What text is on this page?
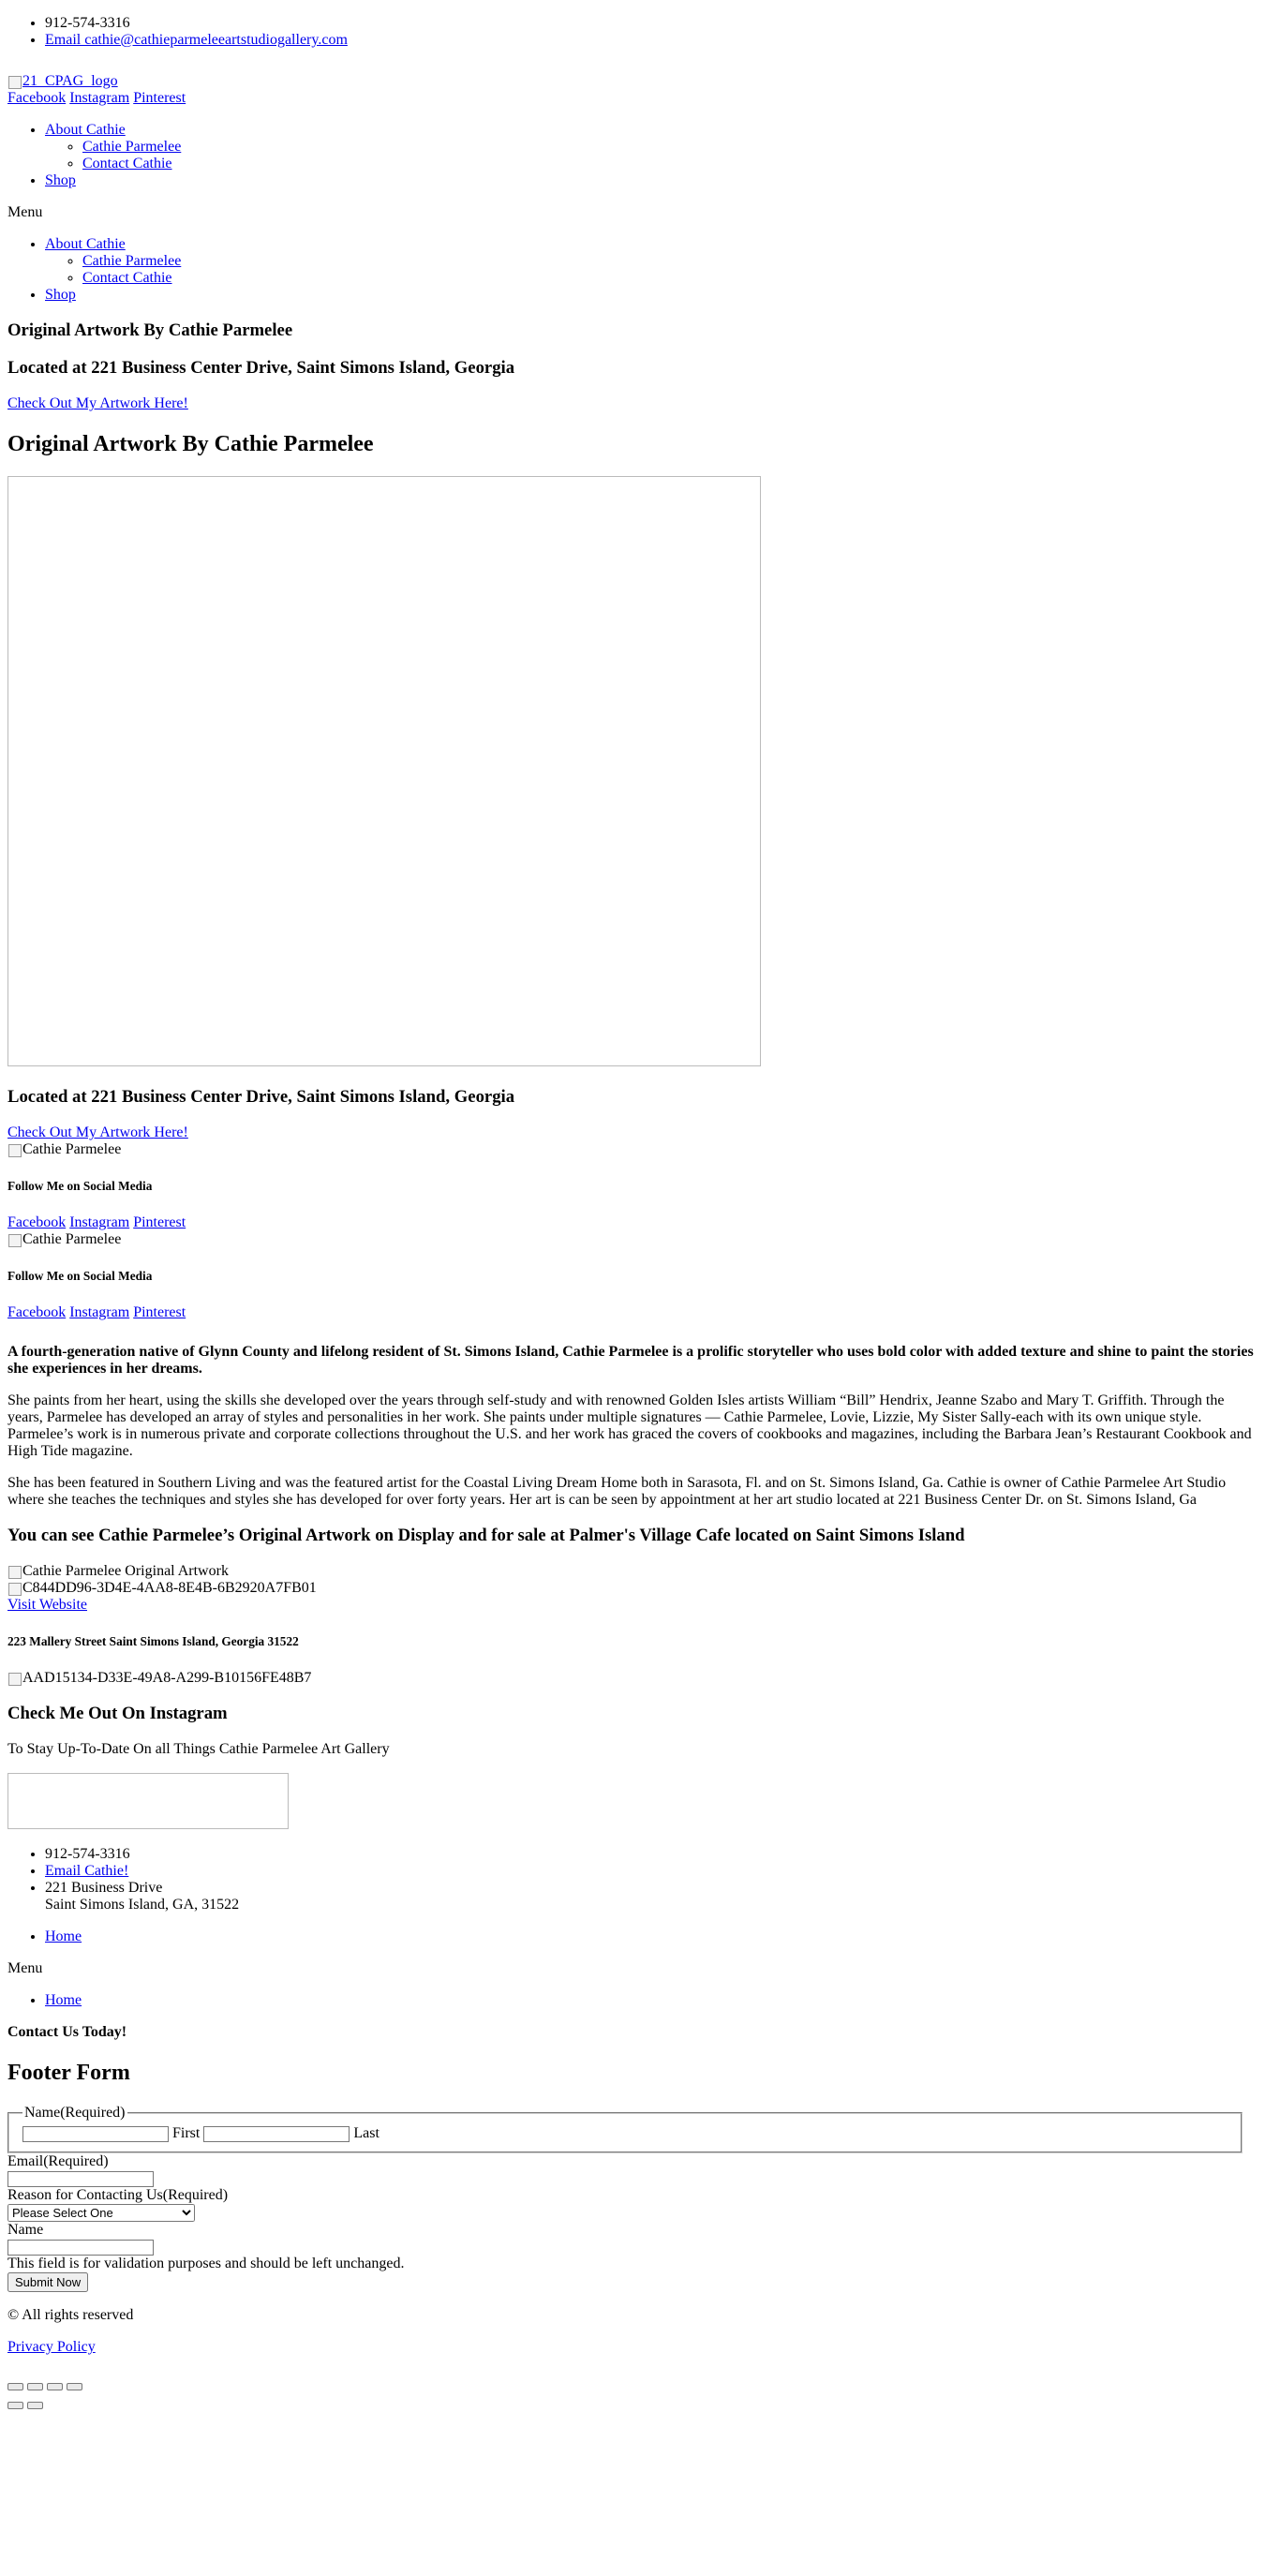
• 912-574-3316
• Email cathie@cathieparmeleeartstudiogallery.com
21_CPAG_logo
Facebook Instagram Pinterest
• About Cathie
◦ Cathie Parmelee
◦ Contact Cathie
• Shop
Menu
• About Cathie
◦ Cathie Parmelee
◦ Contact Cathie
• Shop
Original Artwork By Cathie Parmelee
Located at 221 Business Center Drive, Saint Simons Island, Georgia

Check Out My Artwork Here!

Original Artwork By Cathie Parmelee
Located at 221 Business Center Drive, Saint Simons Island, Georgia
Check Out My Artwork Here!
Cathie Parmelee
Follow Me on Social Media
Facebook Instagram Pinterest
Cathie Parmelee
Follow Me on Social Media
Facebook Instagram Pinterest

A fourth-generation native of Glynn County and lifelong resident of St. Simons Island, Cathie Parmelee is a prolific storyteller who uses bold color with added texture and shine to paint the stories she experiences in her dreams.

She paints from her heart, using the skills she developed over the years through self-study and with renowned Golden Isles artists William “Bill” Hendrix, Jeanne Szabo and Mary T. Griffith. Through the years, Parmelee has developed an array of styles and personalities in her work. She paints under multiple signatures — Cathie Parmelee, Lovie, Lizzie, My Sister Sally-each with its own unique style. Parmelee’s work is in numerous private and corporate collections throughout the U.S. and her work has graced the covers of cookbooks and magazines, including the Barbara Jean’s Restaurant Cookbook and High Tide magazine.

She has been featured in Southern Living and was the featured artist for the Coastal Living Dream Home both in Sarasota, Fl. and on St. Simons Island, Ga. Cathie is owner of Cathie Parmelee Art Studio where she teaches the techniques and styles she has developed for over forty years. Her art is can be seen by appointment at her art studio located at 221 Business Center Dr. on St. Simons Island, Ga

You can see Cathie Parmelee’s Original Artwork on Display and for sale at Palmer's Village Cafe located on Saint Simons Island
Cathie Parmelee Original Artwork
C844DD96-3D4E-4AA8-8E4B-6B2920A7FB01
Visit Website
223 Mallery Street Saint Simons Island, Georgia 31522
AAD15134-D33E-49A8-A299-B10156FE48B7
Check Me Out On Instagram

To Stay Up-To-Date On all Things Cathie Parmelee Art Gallery

• 912-574-3316
• Email Cathie!
• 221 Business Drive
Saint Simons Island, GA, 31522
• Home
Menu
• Home

Contact Us Today!

Footer Form
Name(Required)
First	Last
Email(Required)
Reason for Contacting Us(Required)
Please Select One
Name
This field is for validation purposes and should be left unchanged.
Submit Now

© All rights reserved

Privacy Policy
